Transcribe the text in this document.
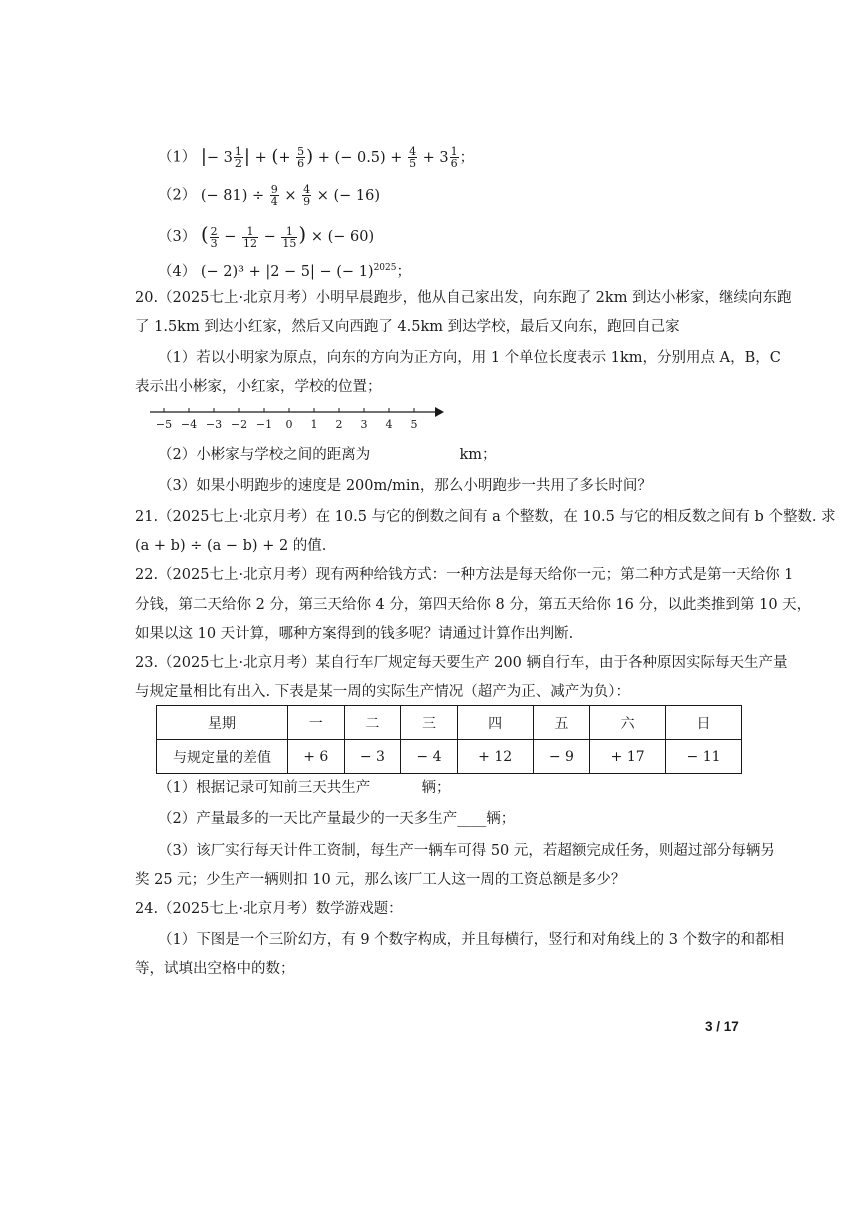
（1） |− $3 \frac{1}{2}$ | + (+ $\frac{5}{6}$ ) + (− $0.5) + \frac{4}{5} + 3 \frac{1}{6}$ ；
（2） (− $81) \div \frac{9}{4} \times \frac{4}{9}$ × (− 16)
（3） ( $\frac{2}{3} - \frac{1}{12} - \frac{1}{15}$ ) × (− 60)
（4） (− 2)³ + |2 − 5| − (− 1)$^{2025}$；
20.（2025七上·北京月考）小明早晨跑步，他从自己家出发，向东跑了 2km 到达小彬家，继续向东跑
了 1.5km 到达小红家，然后又向西跑了 4.5km 到达学校，最后又向东，跑回自己家
（1）若以小明家为原点，向东的方向为正方向，用 1 个单位长度表示 1km，分别用点 A，B，C
表示出小彬家，小红家，学校的位置；
−5 −4 −3 −2 −1 0 1 2 3 4 5
（2）小彬家与学校之间的距离为	km；
（3）如果小明跑步的速度是 200m/min，那么小明跑步一共用了多长时间？
21.（2025七上·北京月考）在 10.5 与它的倒数之间有 a 个整数，在 10.5 与它的相反数之间有 b 个整数. 求
(a + b) ÷ (a − b) + 2 的值.
22.（2025七上·北京月考）现有两种给钱方式：一种方法是每天给你一元；第二种方式是第一天给你 1
分钱，第二天给你 2 分，第三天给你 4 分，第四天给你 8 分，第五天给你 16 分，以此类推到第 10 天，
如果以这 10 天计算，哪种方案得到的钱多呢？请通过计算作出判断.
23.（2025七上·北京月考）某自行车厂规定每天要生产 200 辆自行车，由于各种原因实际每天生产量
与规定量相比有出入. 下表是某一周的实际生产情况（超产为正、减产为负）：
星期	一	二	三	四	五	六	日
与规定量的差值	+ 6	− 3	− 4	+ 12	− 9	+ 17	− 11
（1）根据记录可知前三天共生产	辆；
（2）产量最多的一天比产量最少的一天多生产____辆；
（3）该厂实行每天计件工资制，每生产一辆车可得 50 元，若超额完成任务，则超过部分每辆另
奖 25 元；少生产一辆则扣 10 元，那么该厂工人这一周的工资总额是多少？
24.（2025七上·北京月考）数学游戏题：
（1）下图是一个三阶幻方，有 9 个数字构成，并且每横行，竖行和对角线上的 3 个数字的和都相
等，试填出空格中的数；
3 / 17
